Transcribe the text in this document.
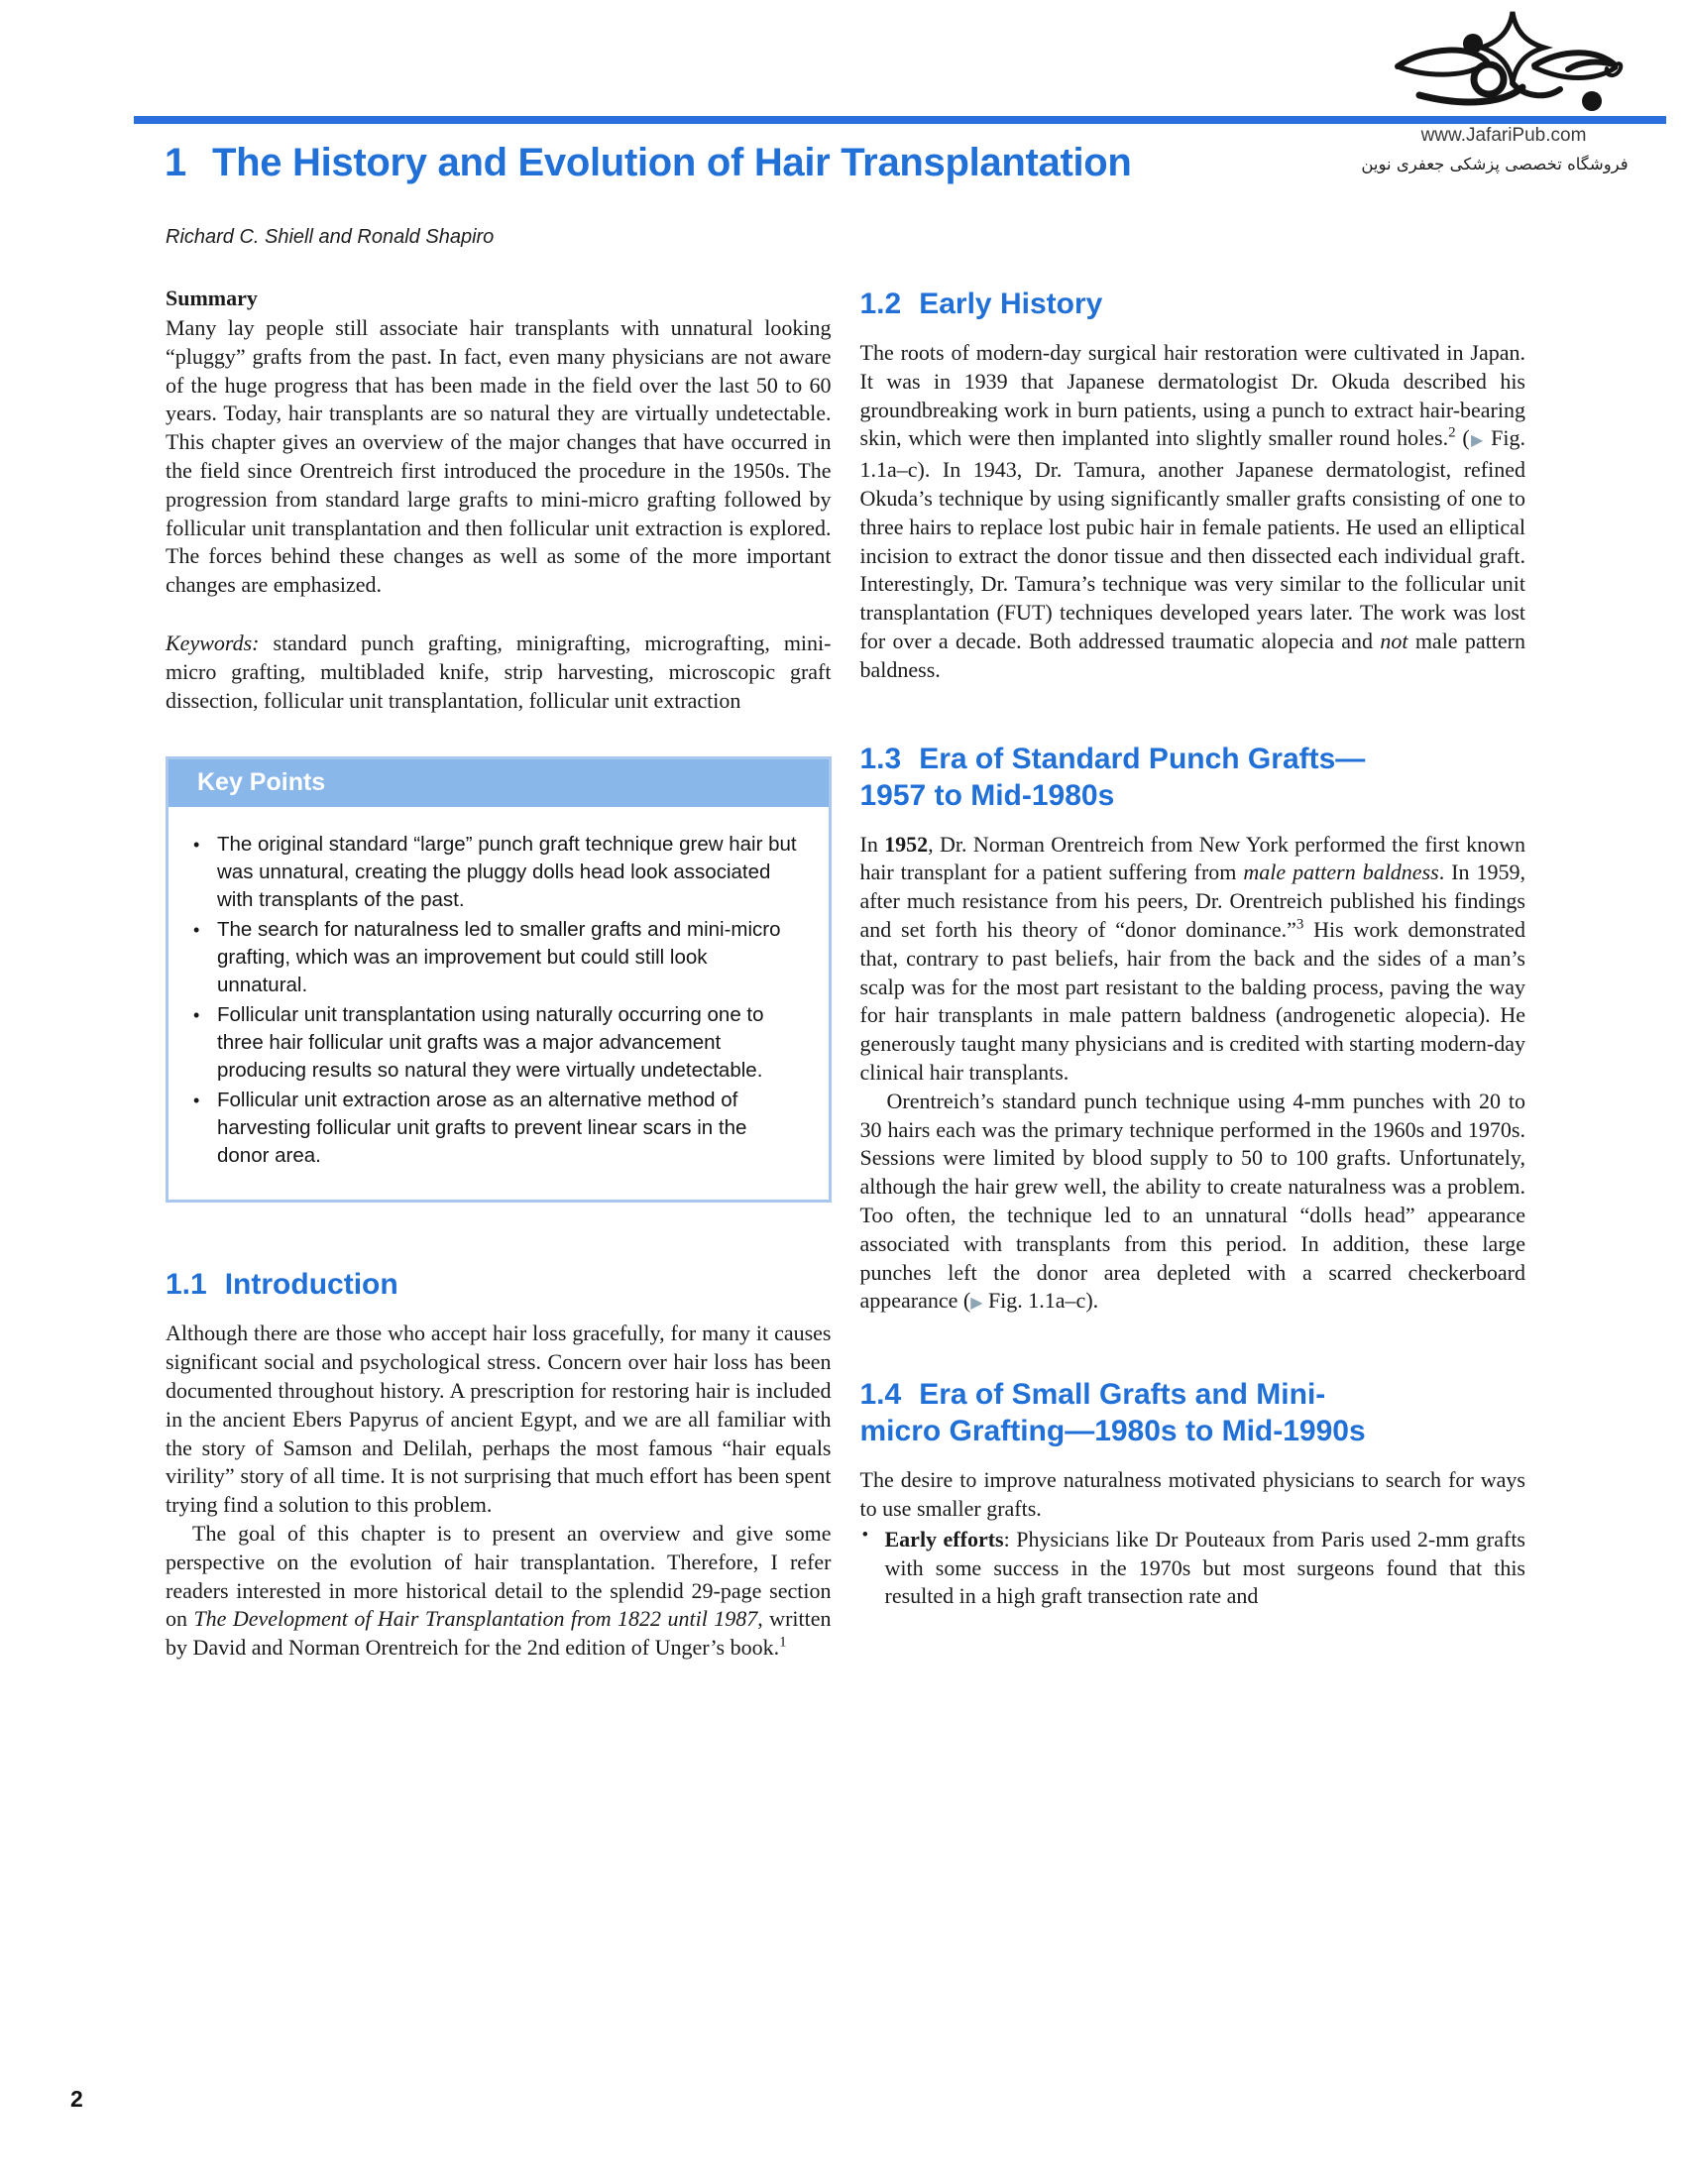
www.JafariPub.com
فروشگاه تخصصی پزشکی جعفری نوین
1 The History and Evolution of Hair Transplantation
Richard C. Shiell and Ronald Shapiro
Summary

Many lay people still associate hair transplants with unnatural looking “pluggy” grafts from the past. In fact, even many physicians are not aware of the huge progress that has been made in the field over the last 50 to 60 years. Today, hair transplants are so natural they are virtually undetectable. This chapter gives an overview of the major changes that have occurred in the field since Orentreich first introduced the procedure in the 1950s. The progression from standard large grafts to mini-micro grafting followed by follicular unit transplantation and then follicular unit extraction is explored. The forces behind these changes as well as some of the more important changes are emphasized.

Keywords: standard punch grafting, minigrafting, micrografting, mini-micro grafting, multibladed knife, strip harvesting, microscopic graft dissection, follicular unit transplantation, follicular unit extraction

Key Points
• The original standard “large” punch graft technique grew hair but was unnatural, creating the pluggy dolls head look associated with transplants of the past.
• The search for naturalness led to smaller grafts and mini-micro grafting, which was an improvement but could still look unnatural.
• Follicular unit transplantation using naturally occurring one to three hair follicular unit grafts was a major advancement producing results so natural they were virtually undetectable.
• Follicular unit extraction arose as an alternative method of harvesting follicular unit grafts to prevent linear scars in the donor area.
1.1 Introduction

Although there are those who accept hair loss gracefully, for many it causes significant social and psychological stress. Concern over hair loss has been documented throughout history. A prescription for restoring hair is included in the ancient Ebers Papyrus of ancient Egypt, and we are all familiar with the story of Samson and Delilah, perhaps the most famous “hair equals virility” story of all time. It is not surprising that much effort has been spent trying find a solution to this problem.

The goal of this chapter is to present an overview and give some perspective on the evolution of hair transplantation. Therefore, I refer readers interested in more historical detail to the splendid 29-page section on The Development of Hair Transplantation from 1822 until 1987, written by David and Norman Orentreich for the 2nd edition of Unger’s book.$^1$

1.2 Early History

The roots of modern-day surgical hair restoration were cultivated in Japan. It was in 1939 that Japanese dermatologist Dr. Okuda described his groundbreaking work in burn patients, using a punch to extract hair-bearing skin, which were then implanted into slightly smaller round holes.$^2$ (▶ Fig. 1.1a–c). In 1943, Dr. Tamura, another Japanese dermatologist, refined Okuda’s technique by using significantly smaller grafts consisting of one to three hairs to replace lost pubic hair in female patients. He used an elliptical incision to extract the donor tissue and then dissected each individual graft. Interestingly, Dr. Tamura’s technique was very similar to the follicular unit transplantation (FUT) techniques developed years later. The work was lost for over a decade. Both addressed traumatic alopecia and not male pattern baldness.

1.3 Era of Standard Punch Grafts—1957 to Mid-1980s

In 1952, Dr. Norman Orentreich from New York performed the first known hair transplant for a patient suffering from male pattern baldness. In 1959, after much resistance from his peers, Dr. Orentreich published his findings and set forth his theory of “donor dominance.”$^3$ His work demonstrated that, contrary to past beliefs, hair from the back and the sides of a man’s scalp was for the most part resistant to the balding process, paving the way for hair transplants in male pattern baldness (androgenetic alopecia). He generously taught many physicians and is credited with starting modern-day clinical hair transplants.

Orentreich’s standard punch technique using 4-mm punches with 20 to 30 hairs each was the primary technique performed in the 1960s and 1970s. Sessions were limited by blood supply to 50 to 100 grafts. Unfortunately, although the hair grew well, the ability to create naturalness was a problem. Too often, the technique led to an unnatural “dolls head” appearance associated with transplants from this period. In addition, these large punches left the donor area depleted with a scarred checkerboard appearance (▶ Fig. 1.1a–c).

1.4 Era of Small Grafts and Mini-micro Grafting—1980s to Mid-1990s

The desire to improve naturalness motivated physicians to search for ways to use smaller grafts.

• Early efforts: Physicians like Dr Pouteaux from Paris used 2-mm grafts with some success in the 1970s but most surgeons found that this resulted in a high graft transection rate and

2
